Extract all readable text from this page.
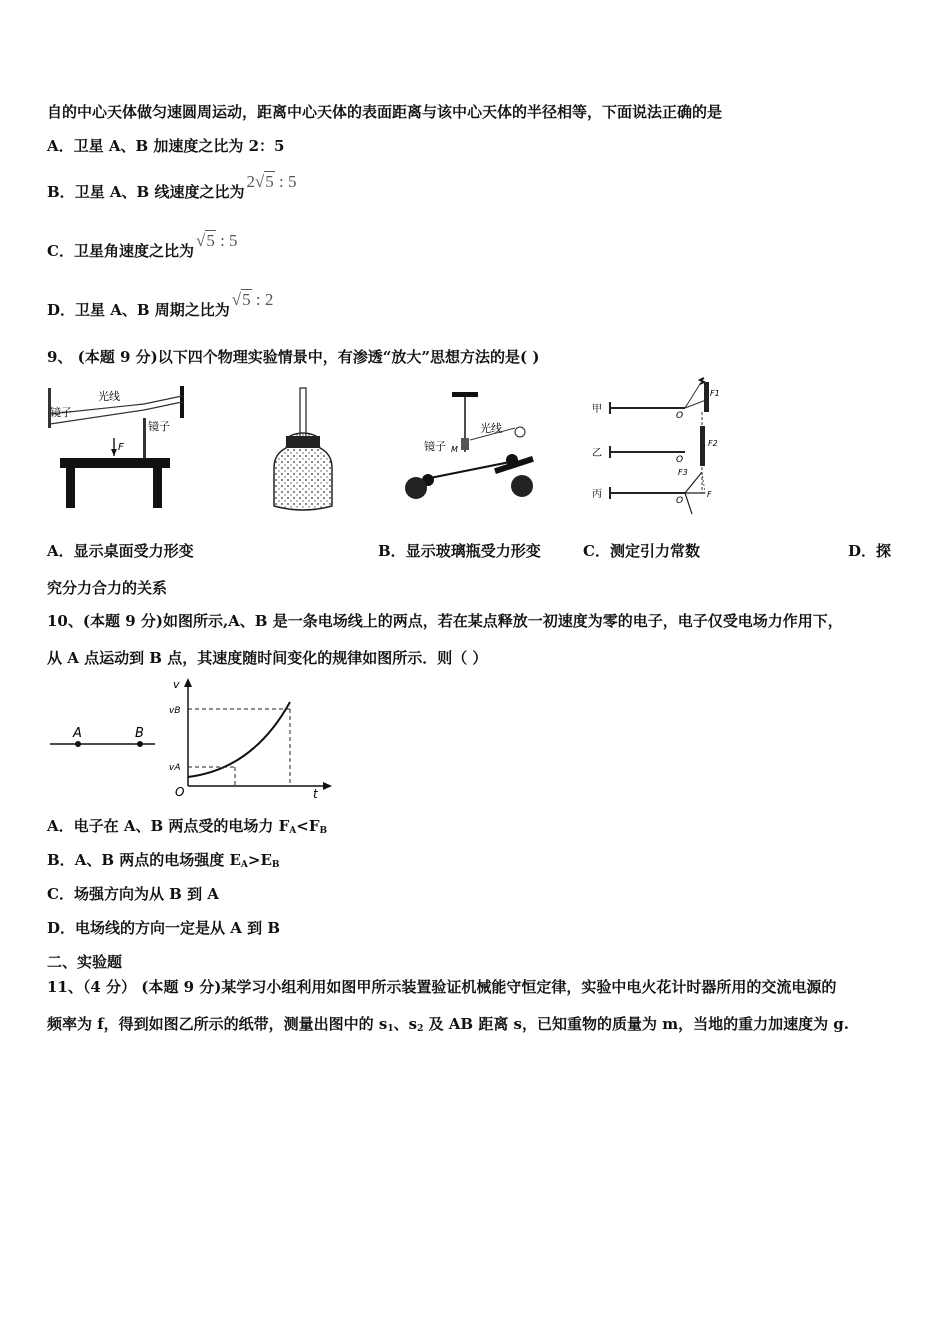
自的中心天体做匀速圆周运动，距离中心天体的表面距离与该中心天体的半径相等，下面说法正确的是
A．卫星 A、B 加速度之比为 2：5
B．卫星 A、B 线速度之比为2√5 : 5
C．卫星角速度之比为√5 : 5
D．卫星 A、B 周期之比为√5 : 2
9、 (本题 9 分)以下四个物理实验情景中，有渗透“放大”思想方法的是( )
镜子
光线
镜子
F	镜子
光线
M
甲
乙
丙
O
O
O
F1
F2
F3
F
A．显示桌面受力形变	B．显示玻璃瓶受力形变	C．测定引力常数	D．探
究分力合力的关系
10、(本题 9 分)如图所示,A、B 是一条电场线上的两点，若在某点释放一初速度为零的电子，电子仅受电场力作用下，
从 A 点运动到 B 点，其速度随时间变化的规律如图所示．则（ ）
A	B
v
vB
vA
O	t
A．电子在 A、B 两点受的电场力 $F_A<F_B$
B．A、B 两点的电场强度 $E_A>E_B$
C．场强方向为从 B 到 A
D．电场线的方向一定是从 A 到 B
二、实验题
11、（4 分） (本题 9 分)某学习小组利用如图甲所示装置验证机械能守恒定律，实验中电火花计时器所用的交流电源的
频率为 f，得到如图乙所示的纸带，测量出图中的 $s_1$、$s_2$ 及 AB 距离 s，已知重物的质量为 m，当地的重力加速度为 g.
